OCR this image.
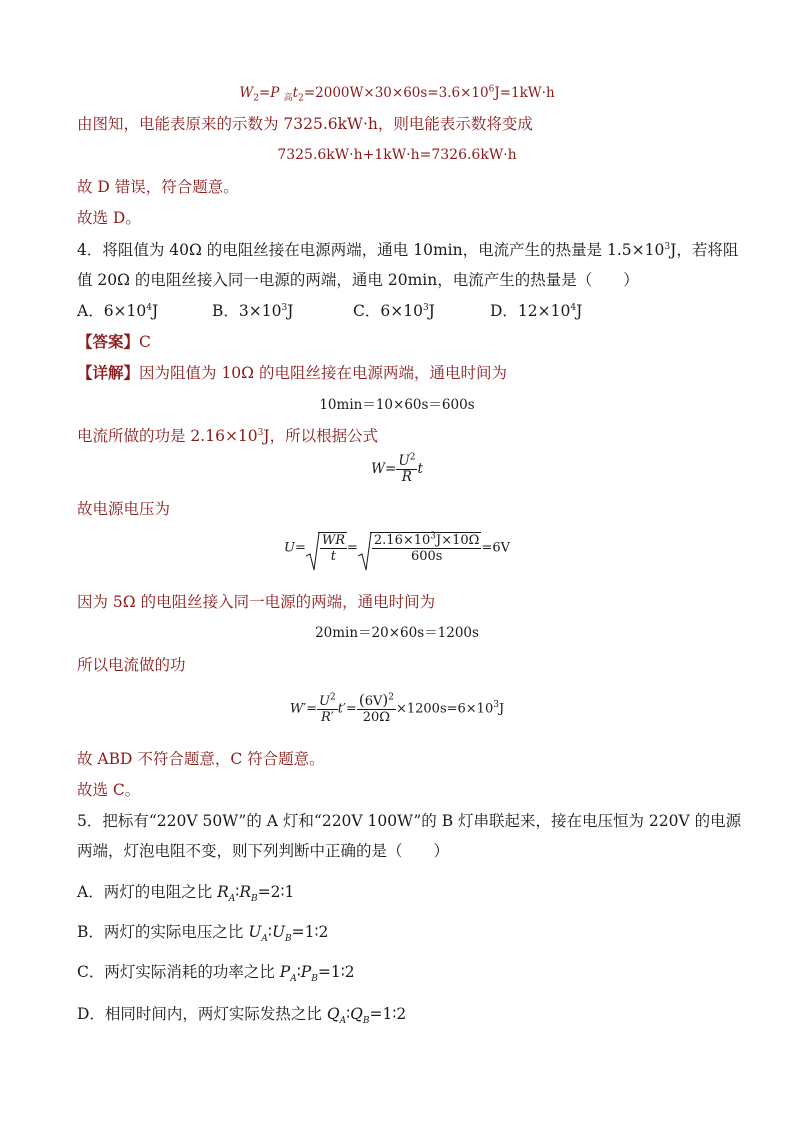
$W_2=P$ $_高t_2=2000W\times 30\times 60s=3.6\times 10^6J=1kW\cdot h$
由图知，电能表原来的示数为 7325.6kW·h，则电能表示数将变成
7325.6kW·h+1kW·h=7326.6kW·h
故 D 错误，符合题意。
故选 D。
4．将阻值为 40Ω 的电阻丝接在电源两端，通电 10min，电流产生的热量是 $1.5\times 10^3J$，若将阻
值 20Ω 的电阻丝接入同一电源的两端，通电 20min，电流产生的热量是（　　）
A．$6\times 10^4J$	B．$3\times 10^3J$	C．$6\times 10^3J$	D．$12\times 10^4J$
【答案】C
【详解】因为阻值为 10Ω 的电阻丝接在电源两端，通电时间为
10min＝10×60s＝600s
电流所做的功是 $2.16\times 10^3J$，所以根据公式
$W= \frac{U^2}{R}$ t
故电源电压为
$U= \frac{WR}{t} = \frac{2.16\times 10^3J\times 10\Omega}{600s} =6V$
因为 5Ω 的电阻丝接入同一电源的两端，通电时间为
20min＝20×60s＝1200s
所以电流做的功
$W'= \frac{U^2}{R'} t'= \frac{(6V)^2}{20\Omega} \times 1200s=6\times 10^3J$
故 ABD 不符合题意，C 符合题意。
故选 C。
5．把标有“220V 50W”的 A 灯和“220V 100W”的 B 灯串联起来，接在电压恒为 220V 的电源
两端，灯泡电阻不变，则下列判断中正确的是（　　）
A．两灯的电阻之比 $R_A∶R_B=2∶1$
B．两灯的实际电压之比 $U_A∶U_B=1∶2$
C．两灯实际消耗的功率之比 $P_A∶P_B=1∶2$
D．相同时间内，两灯实际发热之比 $Q_A∶Q_B=1∶2$
